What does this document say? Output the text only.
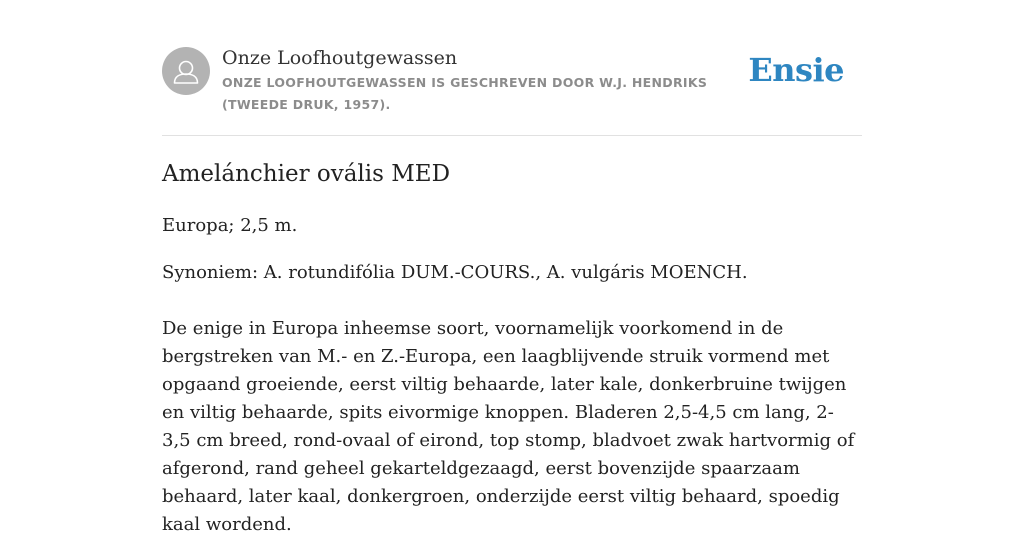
Onze Loofhoutgewassen
ONZE LOOFHOUTGEWASSEN IS GESCHREVEN DOOR W.J. HENDRIKS (TWEEDE DRUK, 1957).
Ensie
Amelánchier ovális MED
Europa; 2,5 m.
Synoniem: A. rotundifólia DUM.-COURS., A. vulgáris MOENCH.
De enige in Europa inheemse soort, voornamelijk voorkomend in de bergstreken van M.- en Z.-Europa, een laagblijvende struik vormend met opgaand groeiende, eerst viltig behaarde, later kale, donkerbruine twijgen en viltig behaarde, spits eivormige knoppen. Bladeren 2,5-4,5 cm lang, 2-3,5 cm breed, rond-ovaal of eirond, top stomp, bladvoet zwak hartvormig of afgerond, rand geheel gekarteldgezaagd, eerst bovenzijde spaarzaam behaard, later kaal, donkergroen, onderzijde eerst viltig behaard, spoedig kaal wordend.
